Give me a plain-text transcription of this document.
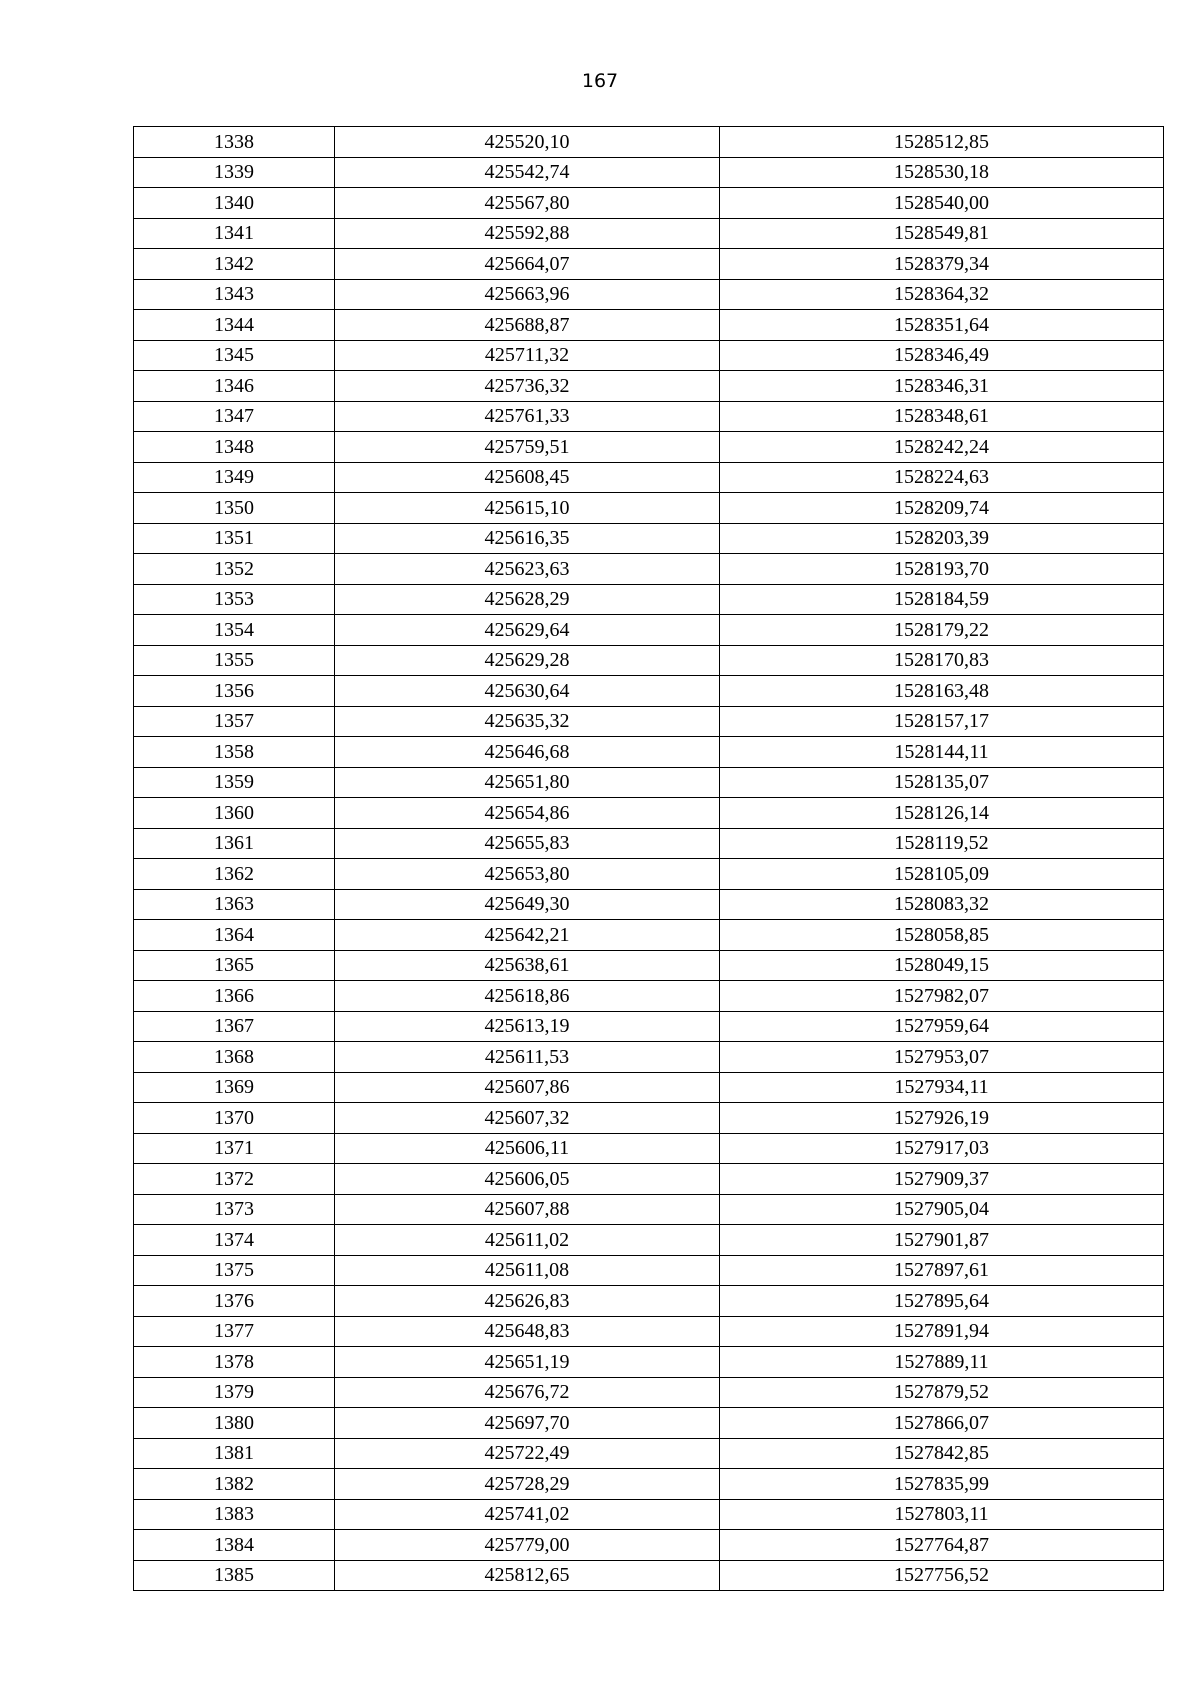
167
1338	425520,10	1528512,85
1339	425542,74	1528530,18
1340	425567,80	1528540,00
1341	425592,88	1528549,81
1342	425664,07	1528379,34
1343	425663,96	1528364,32
1344	425688,87	1528351,64
1345	425711,32	1528346,49
1346	425736,32	1528346,31
1347	425761,33	1528348,61
1348	425759,51	1528242,24
1349	425608,45	1528224,63
1350	425615,10	1528209,74
1351	425616,35	1528203,39
1352	425623,63	1528193,70
1353	425628,29	1528184,59
1354	425629,64	1528179,22
1355	425629,28	1528170,83
1356	425630,64	1528163,48
1357	425635,32	1528157,17
1358	425646,68	1528144,11
1359	425651,80	1528135,07
1360	425654,86	1528126,14
1361	425655,83	1528119,52
1362	425653,80	1528105,09
1363	425649,30	1528083,32
1364	425642,21	1528058,85
1365	425638,61	1528049,15
1366	425618,86	1527982,07
1367	425613,19	1527959,64
1368	425611,53	1527953,07
1369	425607,86	1527934,11
1370	425607,32	1527926,19
1371	425606,11	1527917,03
1372	425606,05	1527909,37
1373	425607,88	1527905,04
1374	425611,02	1527901,87
1375	425611,08	1527897,61
1376	425626,83	1527895,64
1377	425648,83	1527891,94
1378	425651,19	1527889,11
1379	425676,72	1527879,52
1380	425697,70	1527866,07
1381	425722,49	1527842,85
1382	425728,29	1527835,99
1383	425741,02	1527803,11
1384	425779,00	1527764,87
1385	425812,65	1527756,52
